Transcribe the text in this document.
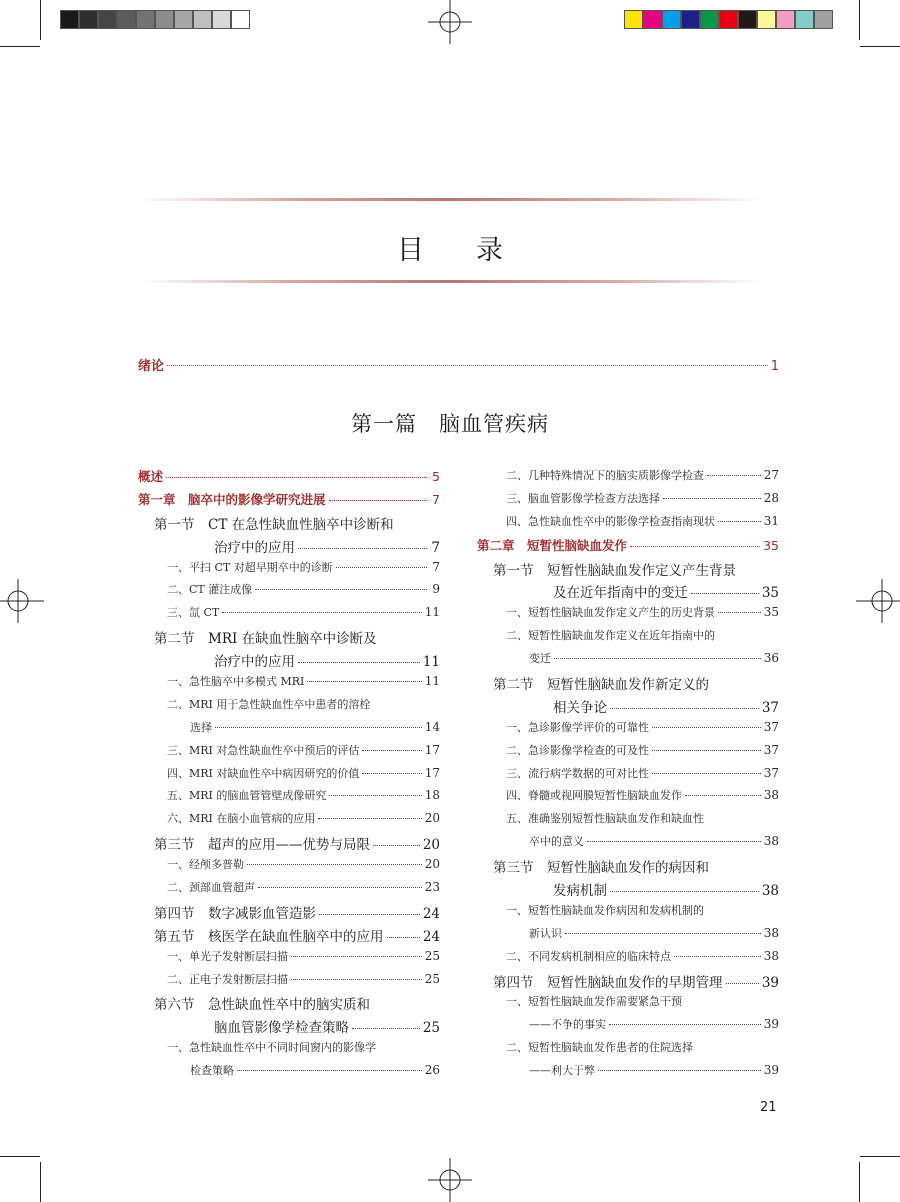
目录
绪论	1
第一篇　脑血管疾病
概述	5
第一章　脑卒中的影像学研究进展	7
第一节　CT 在急性缺血性脑卒中诊断和
治疗中的应用	7
一、平扫 CT 对超早期卒中的诊断	7
二、CT 灌注成像	9
三、氙 CT	11
第二节　MRI 在缺血性脑卒中诊断及
治疗中的应用	11
一、急性脑卒中多模式 MRI	11
二、MRI 用于急性缺血性卒中患者的溶栓
选择	14
三、MRI 对急性缺血性卒中预后的评估	17
四、MRI 对缺血性卒中病因研究的价值	17
五、MRI 的脑血管管壁成像研究	18
六、MRI 在脑小血管病的应用	20
第三节　超声的应用——优势与局限	20
一、经颅多普勒	20
二、颈部血管超声	23
第四节　数字减影血管造影	24
第五节　核医学在缺血性脑卒中的应用	24
一、单光子发射断层扫描	25
二、正电子发射断层扫描	25
第六节　急性缺血性卒中的脑实质和
脑血管影像学检查策略	25
一、急性缺血性卒中不同时间窗内的影像学
检查策略	26
二、几种特殊情况下的脑实质影像学检查	27
三、脑血管影像学检查方法选择	28
四、急性缺血性卒中的影像学检查指南现状	31
第二章　短暂性脑缺血发作	35
第一节　短暂性脑缺血发作定义产生背景
及在近年指南中的变迁	35
一、短暂性脑缺血发作定义产生的历史背景	35
二、短暂性脑缺血发作定义在近年指南中的
变迁	36
第二节　短暂性脑缺血发作新定义的
相关争论	37
一、急诊影像学评价的可靠性	37
二、急诊影像学检查的可及性	37
三、流行病学数据的可对比性	37
四、脊髓或视网膜短暂性脑缺血发作	38
五、准确鉴别短暂性脑缺血发作和缺血性
卒中的意义	38
第三节　短暂性脑缺血发作的病因和
发病机制	38
一、短暂性脑缺血发作病因和发病机制的
新认识	38
二、不同发病机制相应的临床特点	38
第四节　短暂性脑缺血发作的早期管理	39
一、短暂性脑缺血发作需要紧急干预
——不争的事实	39
二、短暂性脑缺血发作患者的住院选择
——利大于弊	39
21
